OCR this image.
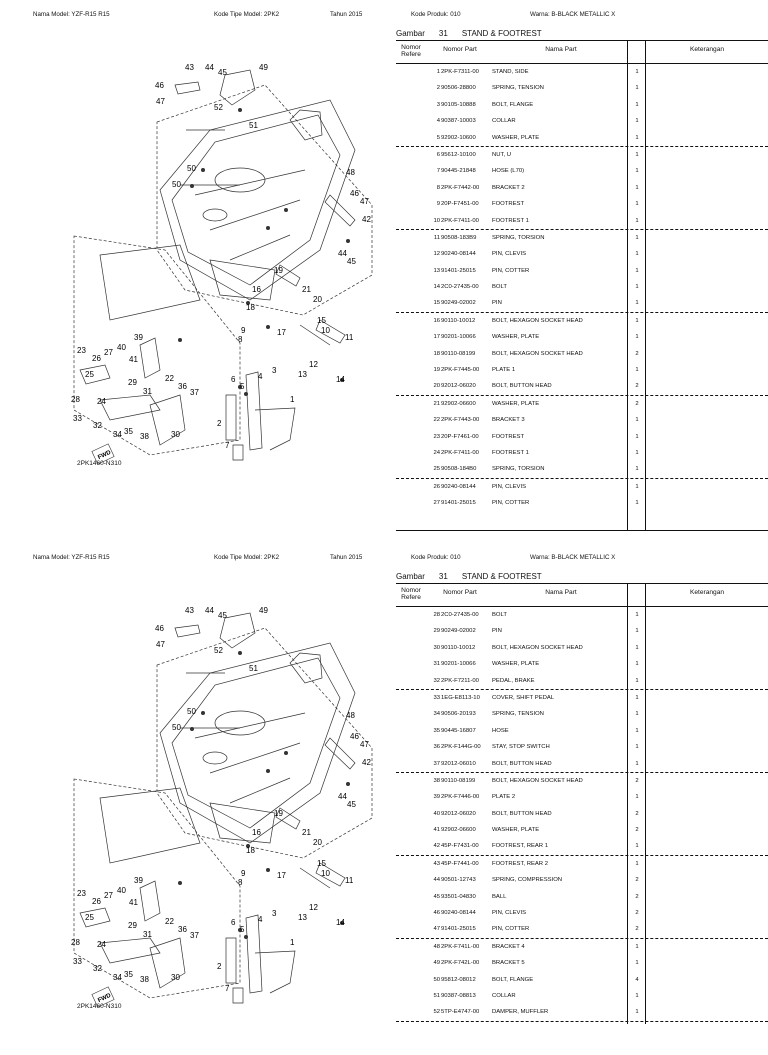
Nama Model: YZF-R15 R15	Kode Tipe Model: 2PK2	Tahun 2015	Kode Produk: 010	Warna: B-BLACK METALLIC X
43 44
45
49
46
47
52
51
50
50
48
46
47
42
44
45
19
16	21
20
18
15
10
11
9	17
8
12
13
14
39
23
26
27
40
41
22
36
37
25
29
31
28 24
32
33
35
34 38	30
6
5
4
3
2
1
7
FWD
2PK1460-N310
Gambar 31 STAND & FOOTREST
Nomor Refere
Nomor Part	Nama Part	Keterangan
1 2PK-F7311-00 STAND, SIDE	1
2 90506-28800	SPRING, TENSION	1
3 90105-10888	BOLT, FLANGE	1
4 90387-10003	COLLAR	1
5 92902-10600	WASHER, PLATE	1
6 95612-10100	NUT, U	1
7 90445-21848	HOSE (L70)	1
8 2PK-F7442-00 BRACKET 2	1
9 20P-F7451-00 FOOTREST	1
10 2PK-F7411-00 FOOTREST 1	1
11 90508-183B9	SPRING, TORSION	1
12 90240-08144	PIN, CLEVIS	1
13 91401-25015	PIN, COTTER	1
14 2C0-27435-00 BOLT	1
15 90249-02002	PIN	1
16 90110-10012	BOLT, HEXAGON SOCKET HEAD	1
17 90201-10066	WASHER, PLATE	1
18 90110-08199	BOLT, HEXAGON SOCKET HEAD	2
19 2PK-F7445-00 PLATE 1	1
20 92012-06020	BOLT, BUTTON HEAD	2
21 92902-06600	WASHER, PLATE	2
22 2PK-F7443-00 BRACKET 3	1
23 20P-F7461-00 FOOTREST	1
24 2PK-F7411-00 FOOTREST 1	1
25 90508-184B0	SPRING, TORSION	1
26 90240-08144	PIN, CLEVIS	1
27 91401-25015	PIN, COTTER	1
Nama Model: YZF-R15 R15	Kode Tipe Model: 2PK2	Tahun 2015	Kode Produk: 010	Warna: B-BLACK METALLIC X
43 44
45
49
46
47
52
51
50
50
48
46
47
42
44
45
19
16	21
20
18
15
10
11
9	17
8
12
13
14
39
23
26
27
40
41
22
36
37
25
29
31
28 24
32
33
35
34 38	30
6
5
4
3
2
1
7
FWD
2PK1460-N310
Gambar 31 STAND & FOOTREST
Nomor Refere
Nomor Part	Nama Part	Keterangan
28 2C0-27435-00 BOLT	1
29 90249-02002	PIN	1
30 90110-10012	BOLT, HEXAGON SOCKET HEAD	1
31 90201-10066	WASHER, PLATE	1
32 2PK-F7211-00 PEDAL, BRAKE	1
33 1EG-E8113-10 COVER, SHIFT PEDAL	1
34 90506-20193	SPRING, TENSION	1
35 90445-16807	HOSE	1
36 2PK-F144G-00 STAY, STOP SWITCH	1
37 92012-06010	BOLT, BUTTON HEAD	1
38 90110-08199	BOLT, HEXAGON SOCKET HEAD	2
39 2PK-F7446-00 PLATE 2	1
40 92012-06020	BOLT, BUTTON HEAD	2
41 92902-06600	WASHER, PLATE	2
42 45P-F7431-00 FOOTREST, REAR 1	1
43 45P-F7441-00 FOOTREST, REAR 2	1
44 90501-12743	SPRING, COMPRESSION	2
45 93501-04830	BALL	2
46 90240-08144	PIN, CLEVIS	2
47 91401-25015	PIN, COTTER	2
48 2PK-F741L-00 BRACKET 4	1
49 2PK-F742L-00 BRACKET 5	1
50 95812-08012	BOLT, FLANGE	4
51 90387-08813	COLLAR	1
52 5TP-E4747-00 DAMPER, MUFFLER	1
